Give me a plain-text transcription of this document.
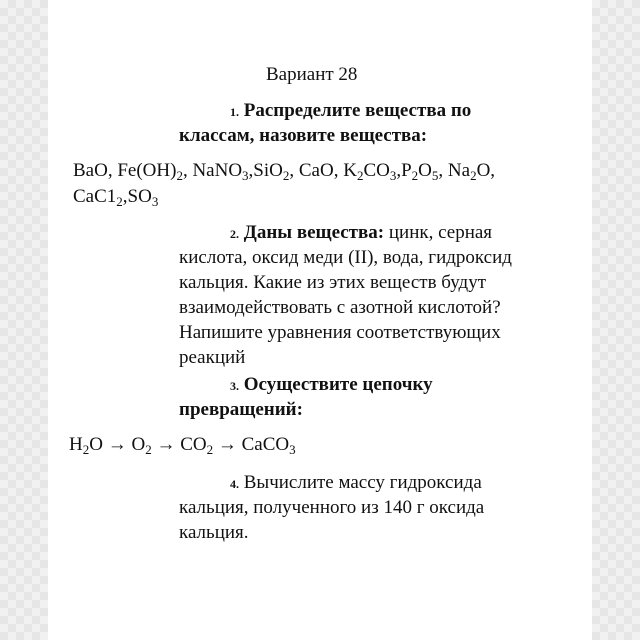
Вариант 28
1. Распределите вещества по
классам, назовите вещества:
BaO, $Fe(OH)_2$, NaNO$_3$,SiO$_2$, CaO, $K_2CO_3,P_2O_5$, $Na_2O$,
$CaC1_2,SO_3$
2. Даны вещества: цинк, серная
кислота, оксид меди (II), вода, гидроксид
кальция. Какие из этих веществ будут
взаимодействовать с азотной кислотой?
Напишите уравнения соответствующих
реакций
3. Осуществите цепочку
превращений:
$H_2O \to O_2 \to CO_2$ → CaCO$_3$
4. Вычислите массу гидроксида
кальция, полученного из 140 г оксида
кальция.
